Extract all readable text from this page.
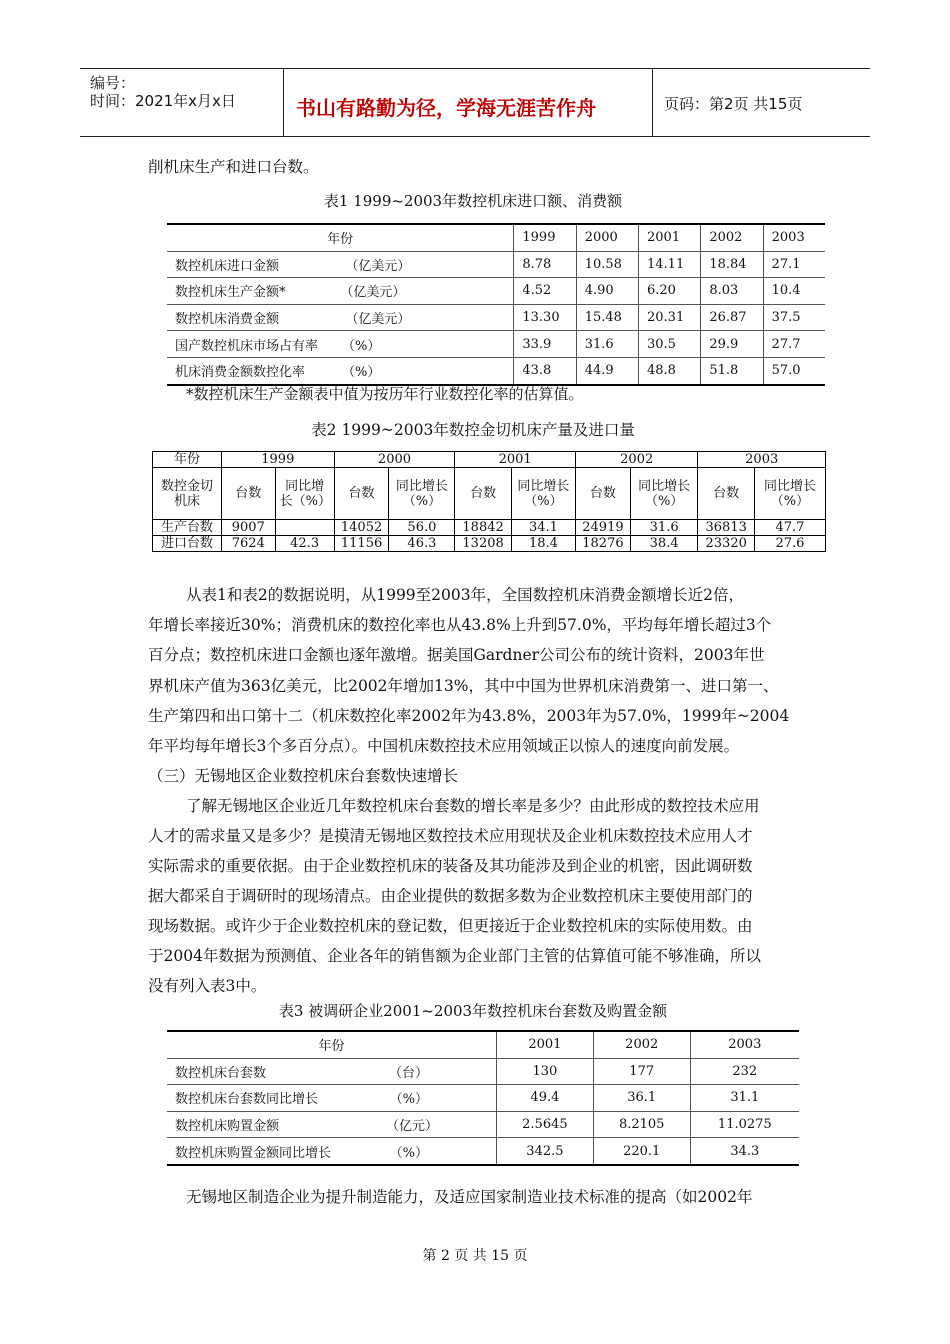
编号：
时间：2021年x月x日	书山有路勤为径，学海无涯苦作舟	页码：第2页 共15页
削机床生产和进口台数。
表1 1999~2003年数控机床进口额、消费额
年份	1999	2000	2001	2002	2003
数控机床进口金额 （亿美元）	8.78	10.58	14.11	18.84	27.1
数控机床生产金额* （亿美元）	4.52	4.90	6.20	8.03	10.4
数控机床消费金额 （亿美元）	13.30	15.48	20.31	26.87	37.5
国产数控机床市场占有率 （%）	33.9	31.6	30.5	29.9	27.7
机床消费金额数控化率 （%）	43.8	44.9	48.8	51.8	57.0
*数控机床生产金额表中值为按历年行业数控化率的估算值。
表2 1999~2003年数控金切机床产量及进口量
年份	1999		2000		2001		2002		2003	
数控金切机床	台数	同比增长（%）	台数	同比增长（%）	台数	同比增长（%）	台数	同比增长（%）	台数	同比增长（%）
生产台数	9007		14052	56.0	18842	34.1	24919	31.6	36813	47.7
进口台数	7624	42.3	11156	46.3	13208	18.4	18276	38.4	23320	27.6
从表1和表2的数据说明，从1999至2003年，全国数控机床消费金额增长近2倍，
年增长率接近30%；消费机床的数控化率也从43.8%上升到57.0%，平均每年增长超过3个
百分点；数控机床进口金额也逐年激增。据美国Gardner公司公布的统计资料，2003年世
界机床产值为363亿美元，比2002年增加13%，其中中国为世界机床消费第一、进口第一、
生产第四和出口第十二（机床数控化率2002年为43.8%，2003年为57.0%，1999年~2004
年平均每年增长3个多百分点）。中国机床数控技术应用领域正以惊人的速度向前发展。
（三）无锡地区企业数控机床台套数快速增长
了解无锡地区企业近几年数控机床台套数的增长率是多少？由此形成的数控技术应用
人才的需求量又是多少？是摸清无锡地区数控技术应用现状及企业机床数控技术应用人才
实际需求的重要依据。由于企业数控机床的装备及其功能涉及到企业的机密，因此调研数
据大都采自于调研时的现场清点。由企业提供的数据多数为企业数控机床主要使用部门的
现场数据。或许少于企业数控机床的登记数，但更接近于企业数控机床的实际使用数。由
于2004年数据为预测值、企业各年的销售额为企业部门主管的估算值可能不够准确，所以
没有列入表3中。
表3 被调研企业2001~2003年数控机床台套数及购置金额
年份	2001	2002	2003
数控机床台套数 （台）	130	177	232
数控机床台套数同比增长 （%）	49.4	36.1	31.1
数控机床购置金额 （亿元）	2.5645	8.2105	11.0275
数控机床购置金额同比增长 （%）	342.5	220.1	34.3
无锡地区制造企业为提升制造能力，及适应国家制造业技术标准的提高（如2002年
第 2 页 共 15 页
